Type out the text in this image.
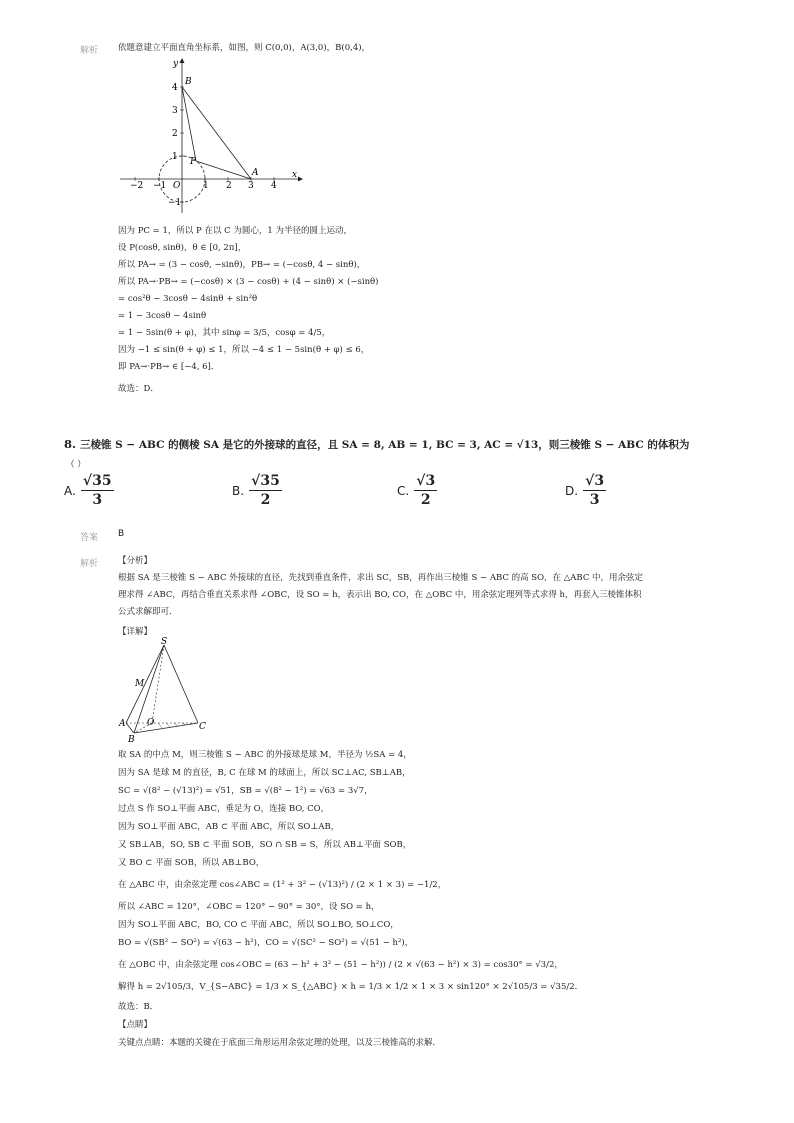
解析 依题意建立平面直角坐标系，如图，则 C(0,0)，A(3,0)，B(0,4)，
−2 −1 O	1 2 3 4
x
4
3
2
1
−1
y
B
A
P
因为 PC = 1，所以 P 在以 C 为圆心，1 为半径的圆上运动，
设 P(cosθ, sinθ)，θ ∈ [0, 2π]，
所以 PA→ = (3 − cosθ, −sinθ)，PB→ = (−cosθ, 4 − sinθ)，
所以 PA→·PB→ = (−cosθ) × (3 − cosθ) + (4 − sinθ) × (−sinθ)
= cos²θ − 3cosθ − 4sinθ + sin²θ
= 1 − 3cosθ − 4sinθ
= 1 − 5sin(θ + φ)，其中 sinφ = 3/5，cosφ = 4/5，
因为 −1 ≤ sin(θ + φ) ≤ 1，所以 −4 ≤ 1 − 5sin(θ + φ) ≤ 6，
即 PA→·PB→ ∈ [−4, 6]．
故选：D．
8. 三棱锥 S − ABC 的侧棱 SA 是它的外接球的直径，且 SA = 8, AB = 1, BC = 3, AC = √13，则三棱锥 S − ABC 的体积为
（ ）
A. $\frac{√35}{3}$	B. $\frac{√35}{2}$	C. $\frac{√3}{2}$	D. $\frac{√3}{3}$
答案 B
解析 【分析】
根据 SA 是三棱锥 S − ABC 外接球的直径，先找到垂直条件，求出 SC，SB，再作出三棱锥 S − ABC 的高 SO，在 △ABC 中，用余弦定
理求得 ∠ABC，再结合垂直关系求得 ∠OBC，设 SO = h，表示出 BO, CO，在 △OBC 中，用余弦定理列等式求得 h，再套入三棱锥体积
公式求解即可．
【详解】
S
M
A O
B
C
取 SA 的中点 M，则三棱锥 S − ABC 的外接球是球 M，半径为 ½SA = 4，
因为 SA 是球 M 的直径，B, C 在球 M 的球面上，所以 SC⊥AC, SB⊥AB，
SC = √(8² − (√13)²) = √51，SB = √(8² − 1²) = √63 = 3√7，
过点 S 作 SO⊥平面 ABC，垂足为 O，连接 BO, CO，
因为 SO⊥平面 ABC，AB ⊂ 平面 ABC，所以 SO⊥AB，
又 SB⊥AB，SO, SB ⊂ 平面 SOB，SO ∩ SB = S，所以 AB⊥平面 SOB，
又 BO ⊂ 平面 SOB，所以 AB⊥BO，
在 △ABC 中，由余弦定理 cos∠ABC = (1² + 3² − (√13)²) / (2 × 1 × 3) = −1/2，
所以 ∠ABC = 120°，∠OBC = 120° − 90° = 30°，设 SO = h，
因为 SO⊥平面 ABC，BO, CO ⊂ 平面 ABC，所以 SO⊥BO, SO⊥CO，
BO = √(SB² − SO²) = √(63 − h²)，CO = √(SC² − SO²) = √(51 − h²)，
在 △OBC 中，由余弦定理 cos∠OBC = (63 − h² + 3² − (51 − h²)) / (2 × √(63 − h²) × 3) = cos30° = √3/2，
解得 h = 2√105/3，V_{S−ABC} = 1/3 × S_{△ABC} × h = 1/3 × 1/2 × 1 × 3 × sin120° × 2√105/3 = √35/2．
故选：B．
【点睛】
关键点点睛：本题的关键在于底面三角形运用余弦定理的处理，以及三棱锥高的求解．
